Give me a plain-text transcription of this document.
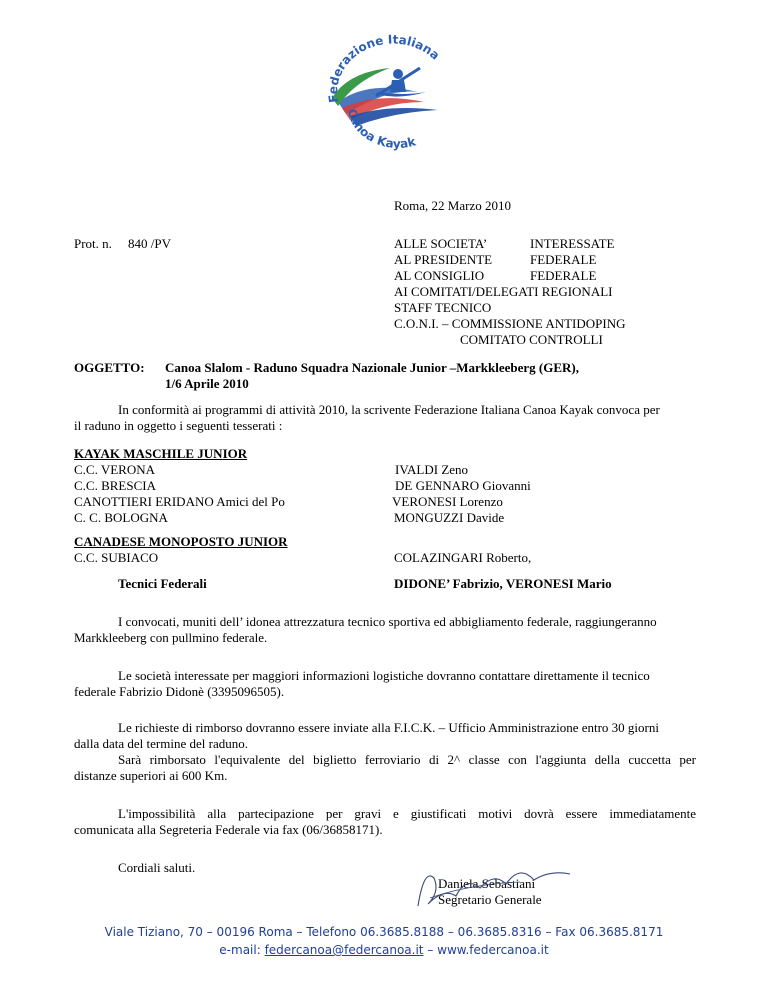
Federazione Italiana
Canoa Kayak
Roma, 22 Marzo 2010
Prot. n. 840 /PV	ALLE SOCIETA’	INTERESSATE
AL PRESIDENTE	FEDERALE
AL CONSIGLIO	FEDERALE
AI COMITATI/DELEGATI REGIONALI
STAFF TECNICO
C.O.N.I. – COMMISSIONE ANTIDOPING
COMITATO CONTROLLI
OGGETTO: Canoa Slalom - Raduno Squadra Nazionale Junior –Markkleeberg (GER),
1/6 Aprile 2010
In conformità ai programmi di attività 2010, la scrivente Federazione Italiana Canoa Kayak convoca per
il raduno in oggetto i seguenti tesserati :
KAYAK MASCHILE JUNIOR
C.C. VERONA	IVALDI Zeno
C.C. BRESCIA	DE GENNARO Giovanni
CANOTTIERI ERIDANO Amici del Po	VERONESI Lorenzo
C. C. BOLOGNA	MONGUZZI Davide
CANADESE MONOPOSTO JUNIOR
C.C. SUBIACO	COLAZINGARI Roberto,
Tecnici Federali	DIDONE’ Fabrizio, VERONESI Mario
I convocati, muniti dell’ idonea attrezzatura tecnico sportiva ed abbigliamento federale, raggiungeranno
Markkleeberg con pullmino federale.
Le società interessate per maggiori informazioni logistiche dovranno contattare direttamente il tecnico
federale Fabrizio Didonè (3395096505).
Le richieste di rimborso dovranno essere inviate alla F.I.C.K. – Ufficio Amministrazione entro 30 giorni
dalla data del termine del raduno.

Sarà rimborsato l'equivalente del biglietto ferroviario di 2^ classe con l'aggiunta della cuccetta per

distanze superiori ai 600 Km.

L'impossibilità alla partecipazione per gravi e giustificati motivi dovrà essere immediatamente

comunicata alla Segreteria Federale via fax (06/36858171).
Cordiali saluti.
Daniela Sebastiani
Segretario Generale
Viale Tiziano, 70 – 00196 Roma – Telefono 06.3685.8188 – 06.3685.8316 – Fax 06.3685.8171
e-mail: federcanoa@federcanoa.it – www.federcanoa.it
